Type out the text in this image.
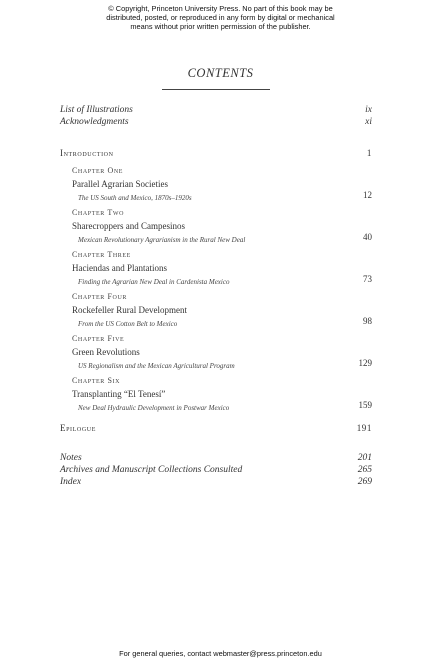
© Copyright, Princeton University Press. No part of this book may be
distributed, posted, or reproduced in any form by digital or mechanical
means without prior written permission of the publisher.
CONTENTS
List of Illustrations	ix
Acknowledgments	xi
Introduction	1
Chapter One
Parallel Agrarian Societies
The US South and Mexico, 1870s–1920s	12
Chapter Two
Sharecroppers and Campesinos
Mexican Revolutionary Agrarianism in the Rural New Deal	40
Chapter Three
Haciendas and Plantations
Finding the Agrarian New Deal in Cardenista Mexico	73
Chapter Four
Rockefeller Rural Development
From the US Cotton Belt to Mexico	98
Chapter Five
Green Revolutions
US Regionalism and the Mexican Agricultural Program	129
Chapter Six
Transplanting “El Tenesí”
New Deal Hydraulic Development in Postwar Mexico	159
Epilogue	191
Notes	201
Archives and Manuscript Collections Consulted	265
Index	269
For general queries, contact webmaster@press.princeton.edu
